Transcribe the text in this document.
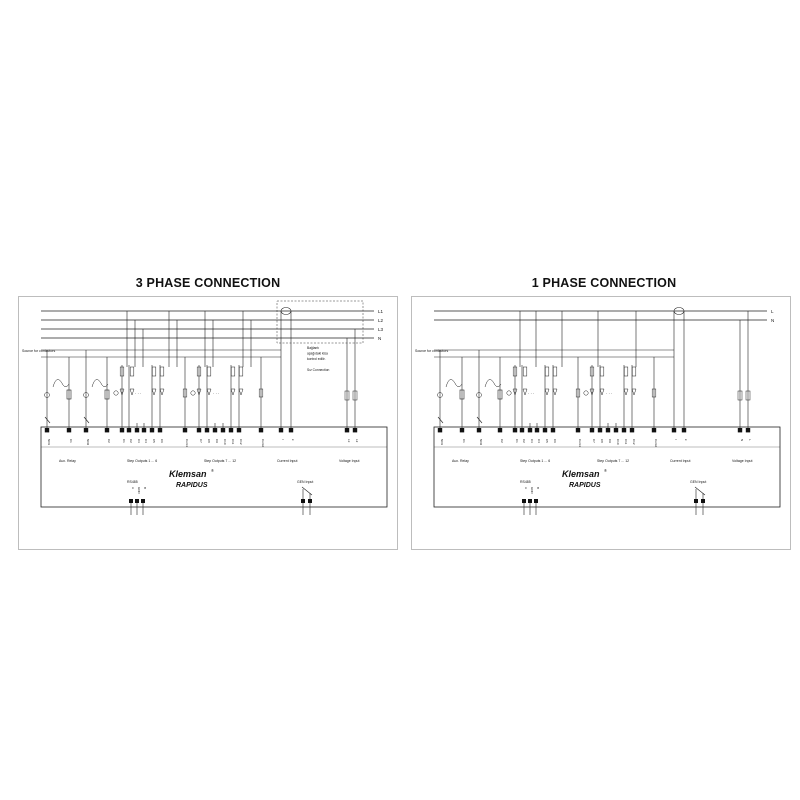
3 PHASE CONNECTION	1 PHASE CONNECTION
L1
L2
L3
N
Source for contactors
Bağlantı
aşağıdaki kisa
kontrol edilir.
Sız Connection
NO1	C1	NO2	C2	C1 C2 C3 C4 C5 C6	Com1	C7 C8 C9 C10 C11 C12	Com2	l k	L3 L2
· · ·	· · ·
Aux. Relay	Step Outputs 1 ... 6	Step Outputs 7 ... 12	Current Input	Voltage Input
Klemsan ®
RAPIDUS
RS485
A GND B
GEN Input
L
N
Source for contactors
NO1	C1	NO2	C2	C1 C2 C3 C4 C5 C6	Com1	C7 C8 C9 C10 C11 C12	Com2	l k	N L
· · ·	· · ·
Aux. Relay	Step Outputs 1 ... 6	Step Outputs 7 ... 12	Current Input	Voltage Input
Klemsan ®
RAPIDUS
RS485
A GND B
GEN Input
